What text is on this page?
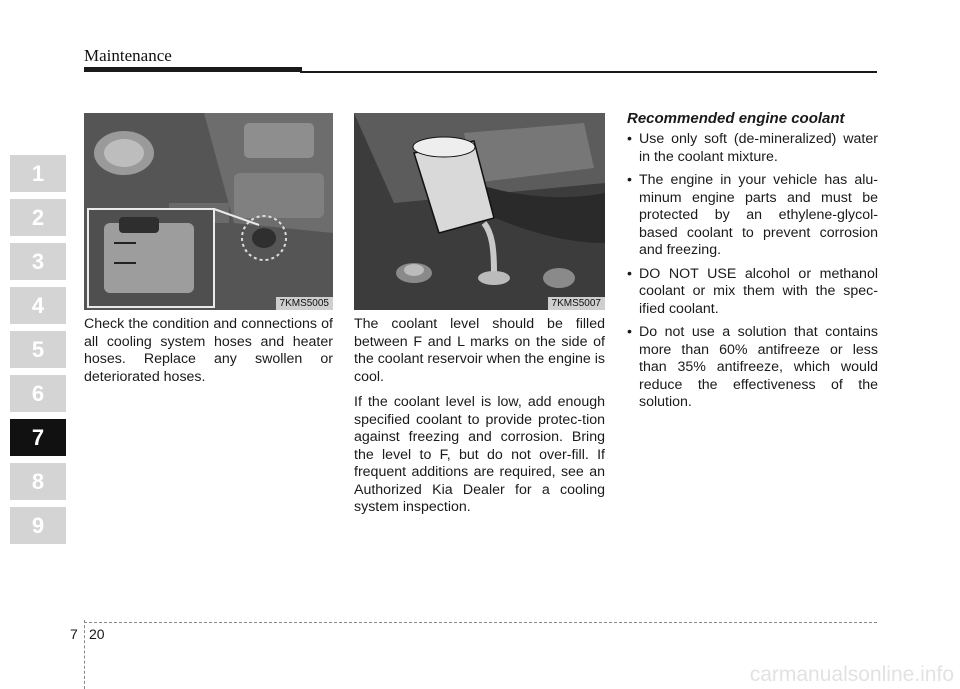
Maintenance
1
2
3
4
5
6
7
8
9
7KMS5005	7KMS5007

Check the condition and connections of all cooling system hoses and heater hoses. Replace any swollen or deteriorated hoses.

The coolant level should be filled between F and L marks on the side of the coolant reservoir when the engine is cool.

If the coolant level is low, add enough specified coolant to provide protec-tion against freezing and corrosion. Bring the level to F, but do not over-fill. If frequent additions are required, see an Authorized Kia Dealer for a cooling system inspection.

Recommended engine coolant
• Use only soft (de-mineralized) water in the coolant mixture.
• The engine in your vehicle has alu-minum engine parts and must be protected by an ethylene-glycol-based coolant to prevent corrosion and freezing.
• DO NOT USE alcohol or methanol coolant or mix them with the spec-ified coolant.
• Do not use a solution that contains more than 60% antifreeze or less than 35% antifreeze, which would reduce the effectiveness of the solution.
7 20
carmanualsonline.info
